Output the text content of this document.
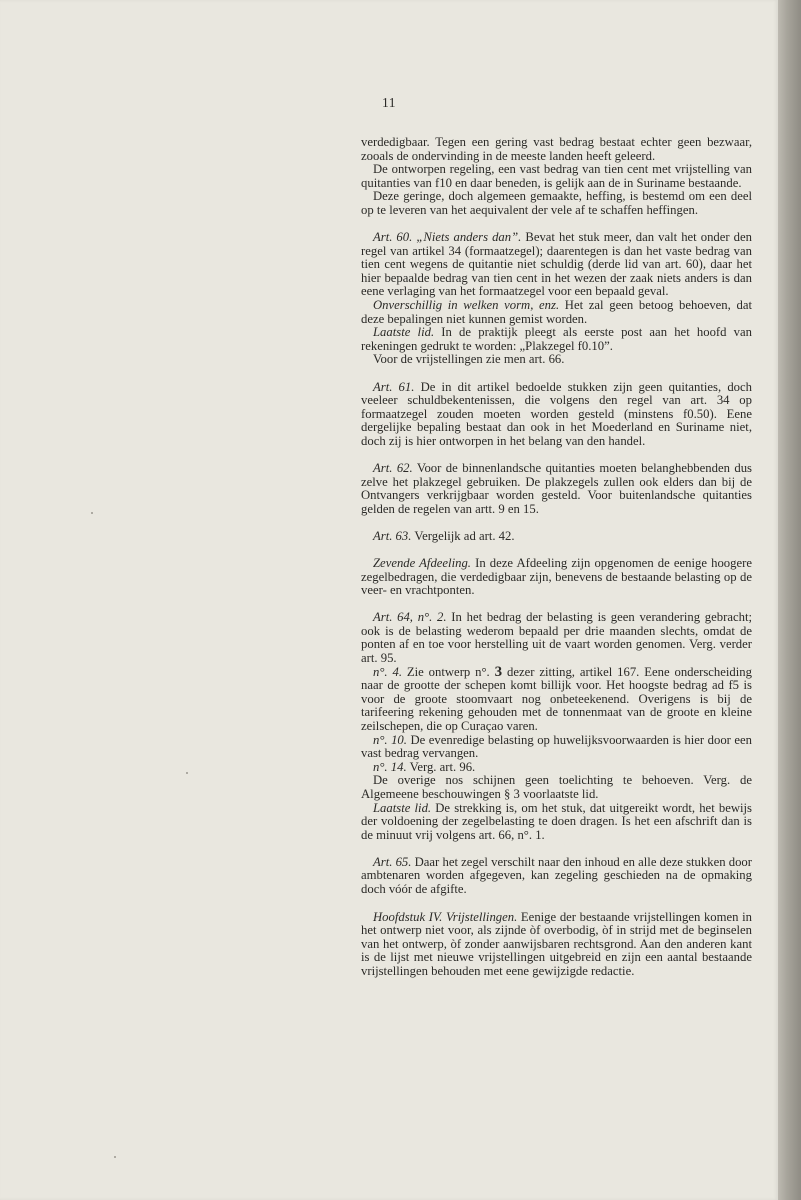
11

verdedigbaar. Tegen een gering vast bedrag bestaat echter geen bezwaar, zooals de ondervinding in de meeste landen heeft geleerd.

De ontworpen regeling, een vast bedrag van tien cent met vrijstelling van quitanties van f10 en daar beneden, is gelijk aan de in Suriname bestaande.

Deze geringe, doch algemeen gemaakte, heffing, is bestemd om een deel op te leveren van het aequivalent der vele af te schaffen heffingen.

Art. 60. „Niets anders dan”. Bevat het stuk meer, dan valt het onder den regel van artikel 34 (formaatzegel); daarentegen is dan het vaste bedrag van tien cent wegens de quitantie niet schuldig (derde lid van art. 60), daar het hier bepaalde bedrag van tien cent in het wezen der zaak niets anders is dan eene verlaging van het formaatzegel voor een bepaald geval.

Onverschillig in welken vorm, enz. Het zal geen betoog behoeven, dat deze bepalingen niet kunnen gemist worden.

Laatste lid. In de praktijk pleegt als eerste post aan het hoofd van rekeningen gedrukt te worden: „Plakzegel f0.10”.

Voor de vrijstellingen zie men art. 66.

Art. 61. De in dit artikel bedoelde stukken zijn geen quitanties, doch veeleer schuldbekentenissen, die volgens den regel van art. 34 op formaatzegel zouden moeten worden gesteld (minstens f0.50). Eene dergelijke bepaling bestaat dan ook in het Moederland en Suriname niet, doch zij is hier ontworpen in het belang van den handel.

Art. 62. Voor de binnenlandsche quitanties moeten belanghebbenden dus zelve het plakzegel gebruiken. De plakzegels zullen ook elders dan bij de Ontvangers verkrijgbaar worden gesteld. Voor buitenlandsche quitanties gelden de regelen van artt. 9 en 15.

Art. 63. Vergelijk ad art. 42.

Zevende Afdeeling. In deze Afdeeling zijn opgenomen de eenige hoogere zegelbedragen, die verdedigbaar zijn, benevens de bestaande belasting op de veer- en vrachtponten.

Art. 64, n°. 2. In het bedrag der belasting is geen verandering gebracht; ook is de belasting wederom bepaald per drie maanden slechts, omdat de ponten af en toe voor herstelling uit de vaart worden genomen. Verg. verder art. 95.

n°. 4. Zie ontwerp n°. 3 dezer zitting, artikel 167. Eene onderscheiding naar de grootte der schepen komt billijk voor. Het hoogste bedrag ad f5 is voor de groote stoomvaart nog onbeteekenend. Overigens is bij de tarifeering rekening gehouden met de tonnenmaat van de groote en kleine zeilschepen, die op Curaçao varen.

n°. 10. De evenredige belasting op huwelijksvoorwaarden is hier door een vast bedrag vervangen.

n°. 14. Verg. art. 96.

De overige nos schijnen geen toelichting te behoeven. Verg. de Algemeene beschouwingen § 3 voorlaatste lid.

Laatste lid. De strekking is, om het stuk, dat uitgereikt wordt, het bewijs der voldoening der zegelbelasting te doen dragen. Is het een afschrift dan is de minuut vrij volgens art. 66, n°. 1.

Art. 65. Daar het zegel verschilt naar den inhoud en alle deze stukken door ambtenaren worden afgegeven, kan zegeling geschieden na de opmaking doch vóór de afgifte.

Hoofdstuk IV. Vrijstellingen. Eenige der bestaande vrijstellingen komen in het ontwerp niet voor, als zijnde òf overbodig, òf in strijd met de beginselen van het ontwerp, òf zonder aanwijsbaren rechtsgrond. Aan den anderen kant is de lijst met nieuwe vrijstellingen uitgebreid en zijn een aantal bestaande vrijstellingen behouden met eene gewijzigde redactie.
